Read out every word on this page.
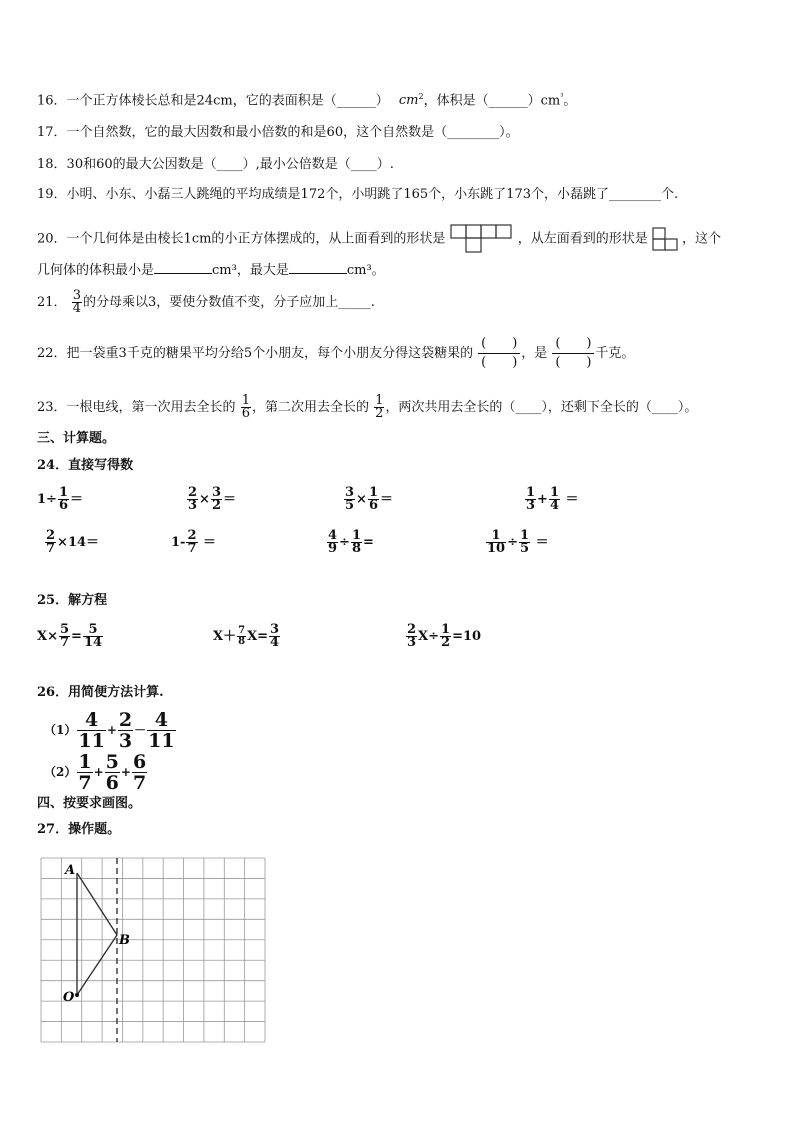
16．一个正方体棱长总和是24cm，它的表面积是（______） $cm^2$，体积是$(\_\_\_\_\_\_)cm^{^3}$。
17．一个自然数，它的最大因数和最小倍数的和是60，这个自然数是（________）。
18．30和60的最大公因数是（____）,最小公倍数是（____）.
19．小明、小东、小磊三人跳绳的平均成绩是172个，小明跳了165个，小东跳了173个，小磊跳了________个.
20．一个几何体是由棱长1cm的小正方体摆成的，从上面看到的形状是	，从左面看到的形状是	，这个
几何体的体积最小是	cm³，最大是	cm³。
21． $\frac{3}{4}$ 的分母乘以3，要使分数值不变，分子应加上_____.
22．把一袋重3千克的糖果平均分给5个小朋友，每个小朋友分得这袋糖果的
(　　)
(　　)
，是
(　　)
(　　)
千克。
23．一根电线，第一次用去全长的 $\frac{1}{6}$ ，第二次用去全长的 $\frac{1}{2}$ ，两次共用去全长的（____），还剩下全长的（____）。
三、计算题。
24．直接写得数
$1\div \frac{1}{6}$ ＝	$\frac{2}{3} \times \frac{3}{2}$ ＝	$\frac{3}{5} \times \frac{1}{6}$ ＝	$\frac{1}{3} + \frac{1}{4}$ ＝
$\frac{2}{7} \times 14=$	$1- \frac{2}{7}$ ＝	$\frac{4}{9} \div \frac{1}{8}$ =	$\frac{1}{10} \div \frac{1}{5}$ ＝
25．解方程
$X\times \frac{5}{7} = \frac{5}{14}$	$X+ \frac{7}{8} X= \frac{3}{4}$	$\frac{2}{3} X\div \frac{1}{2} =10$
26．用简便方法计算.
$(1) \frac{4}{11} + \frac{2}{3} - \frac{4}{11}$
$(2) \frac{1}{7} + \frac{5}{6} + \frac{6}{7}$
四、按要求画图。
27．操作题。
A
B
O
